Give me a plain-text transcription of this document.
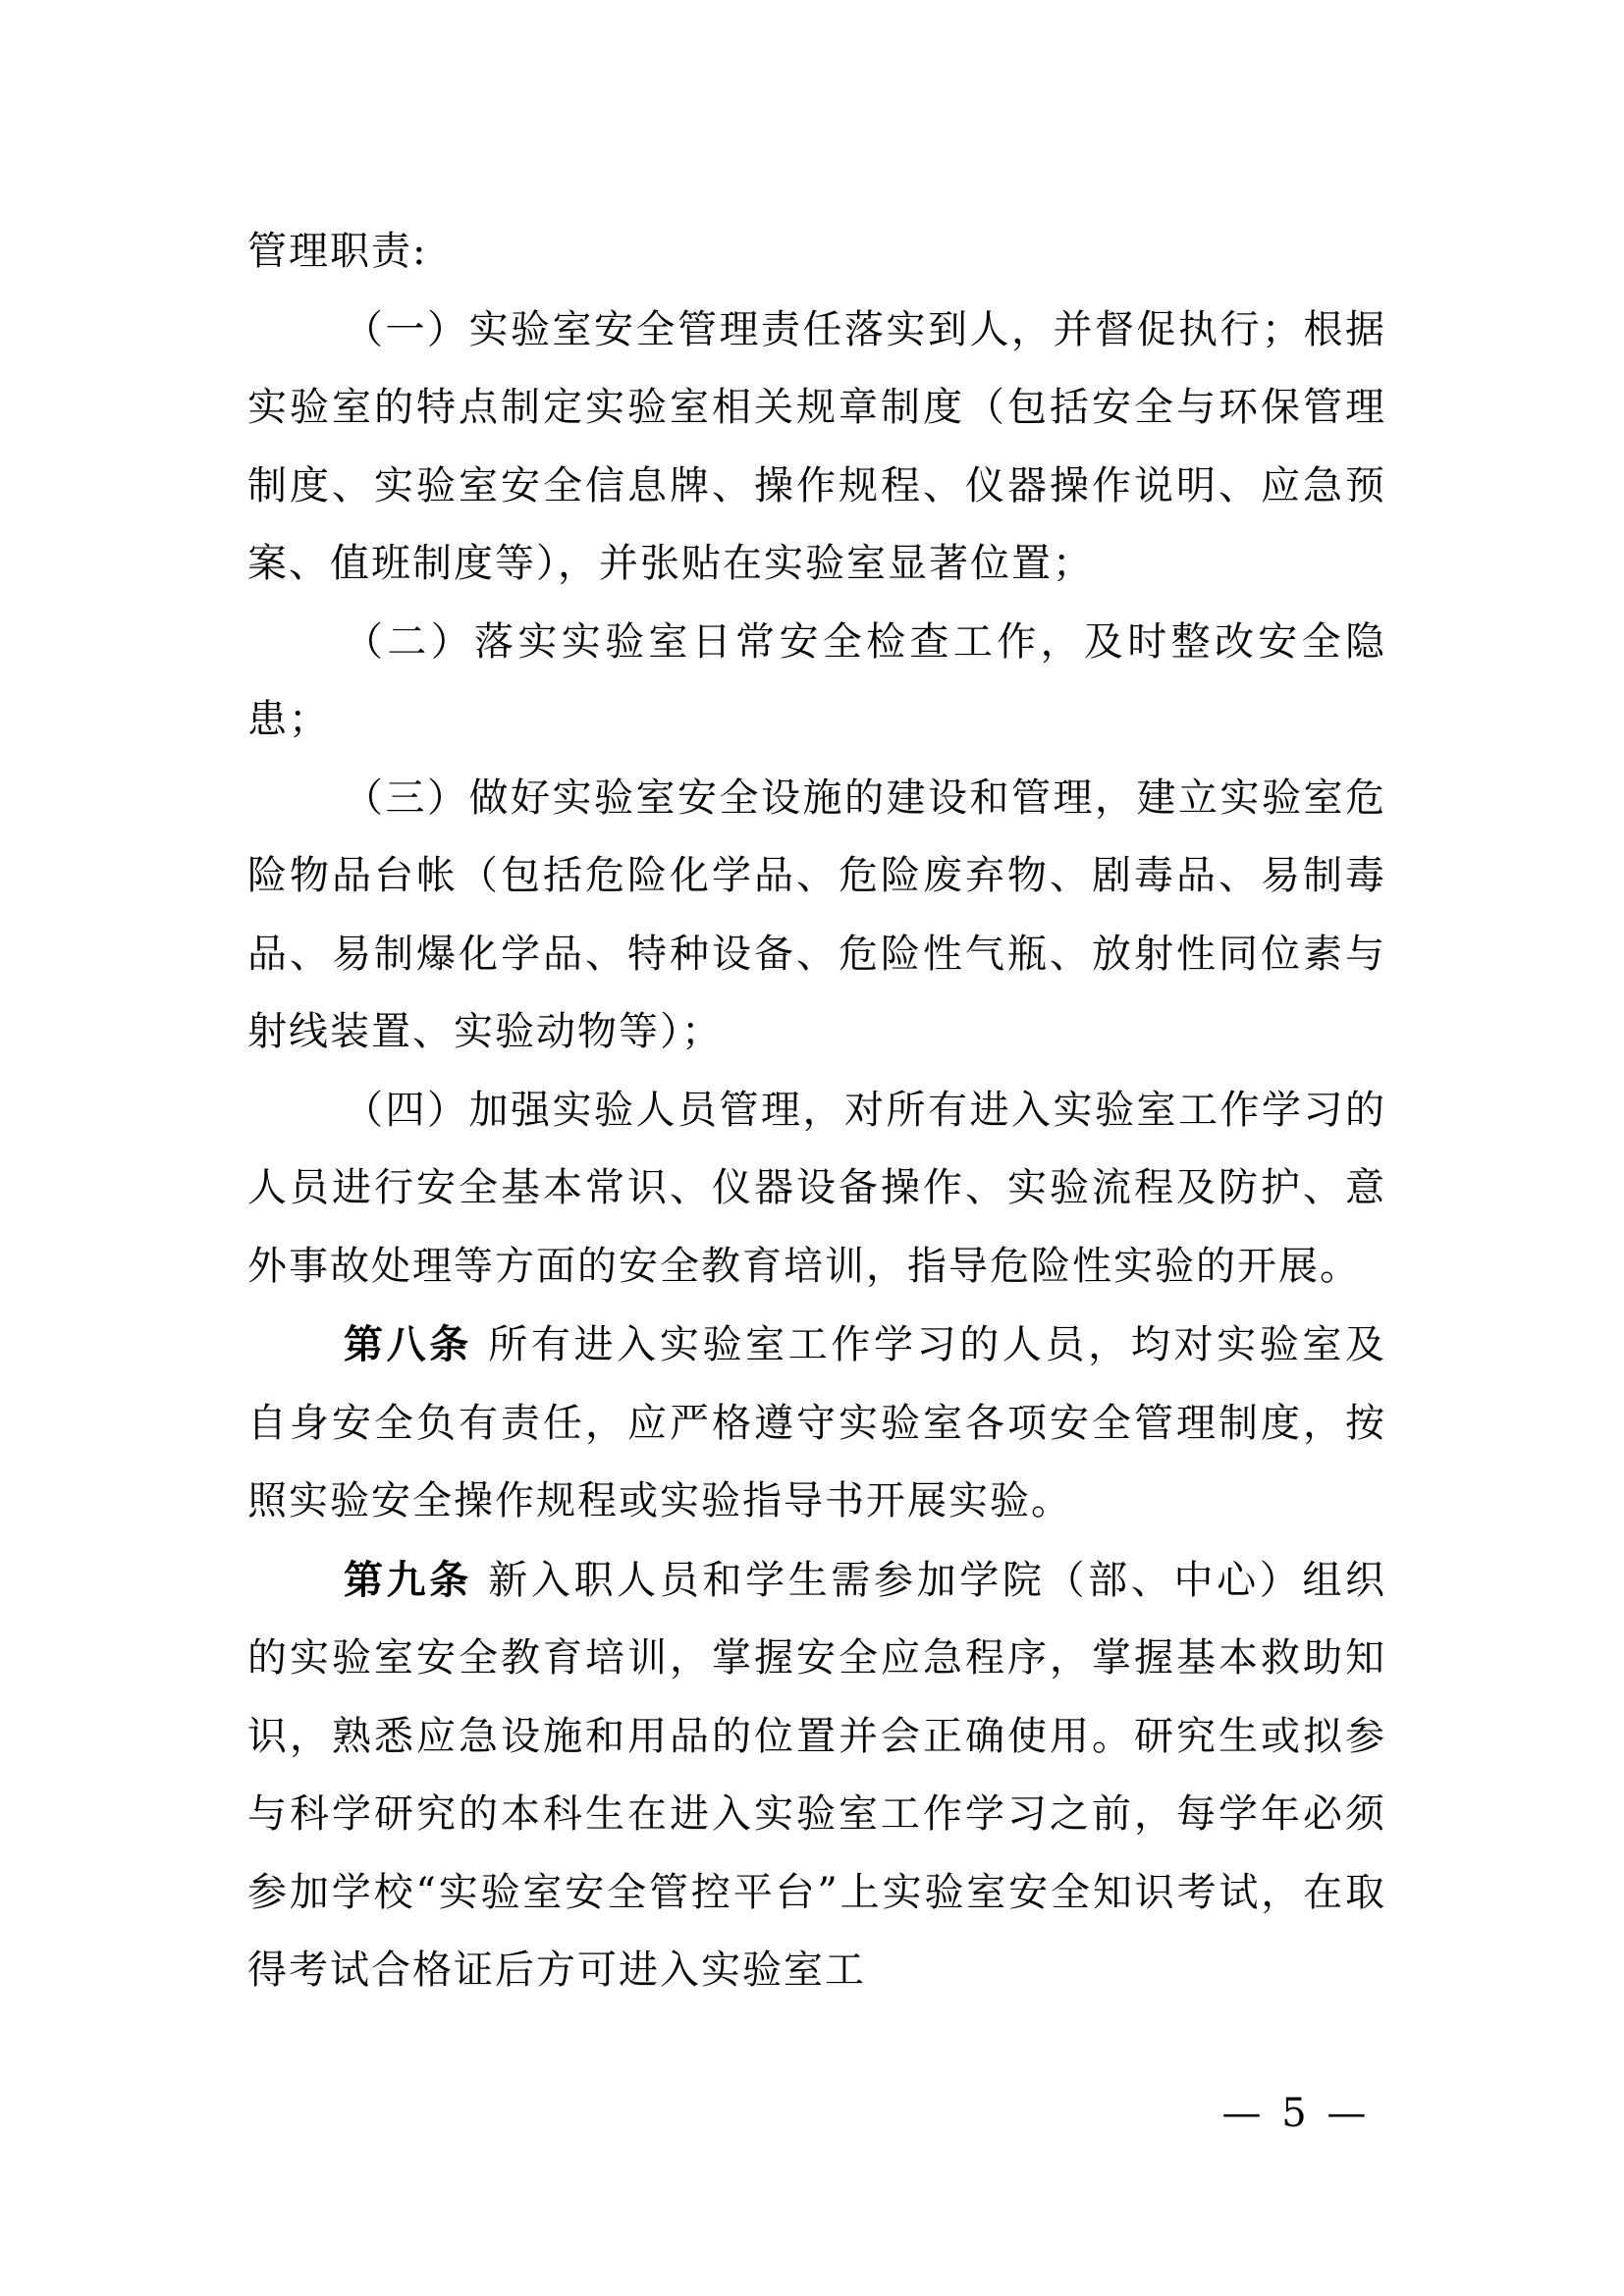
管理职责:

（一）实验室安全管理责任落实到人，并督促执行；根据实验室的特点制定实验室相关规章制度（包括安全与环保管理制度、实验室安全信息牌、操作规程、仪器操作说明、应急预案、值班制度等），并张贴在实验室显著位置；

（二）落实实验室日常安全检查工作，及时整改安全隐患；

（三）做好实验室安全设施的建设和管理，建立实验室危险物品台帐（包括危险化学品、危险废弃物、剧毒品、易制毒品、易制爆化学品、特种设备、危险性气瓶、放射性同位素与射线装置、实验动物等）；

（四）加强实验人员管理，对所有进入实验室工作学习的人员进行安全基本常识、仪器设备操作、实验流程及防护、意外事故处理等方面的安全教育培训，指导危险性实验的开展。

第八条 所有进入实验室工作学习的人员，均对实验室及自身安全负有责任，应严格遵守实验室各项安全管理制度，按照实验安全操作规程或实验指导书开展实验。

第九条 新入职人员和学生需参加学院（部、中心）组织的实验室安全教育培训，掌握安全应急程序，掌握基本救助知识，熟悉应急设施和用品的位置并会正确使用。研究生或拟参与科学研究的本科生在进入实验室工作学习之前，每学年必须参加学校“实验室安全管控平台”上实验室安全知识考试，在取得考试合格证后方可进入实验室工

— 5 —
